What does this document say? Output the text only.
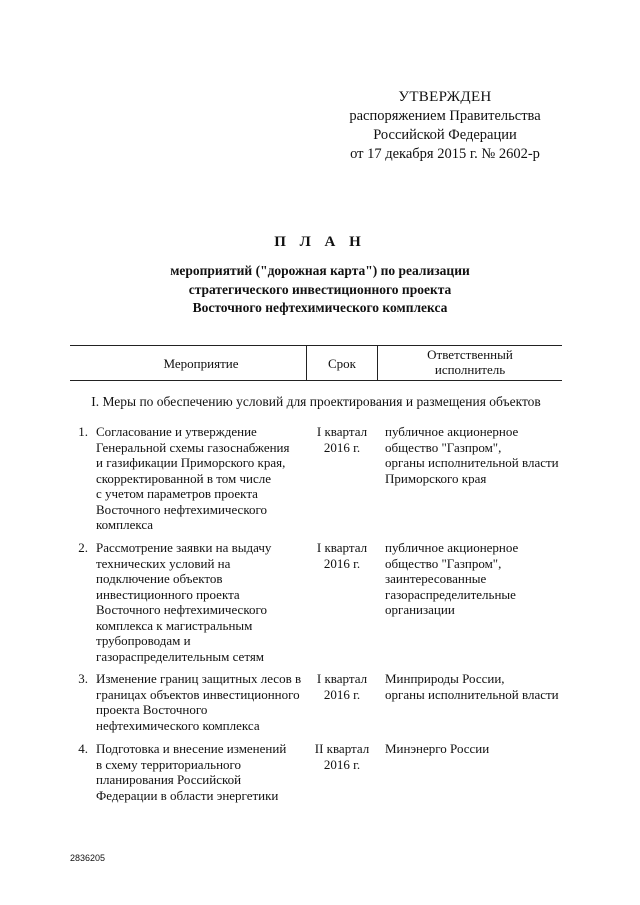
УТВЕРЖДЕН
распоряжением Правительства
Российской Федерации
от 17 декабря 2015 г. № 2602-р
П Л А Н
мероприятий ("дорожная карта") по реализации
стратегического инвестиционного проекта
Восточного нефтехимического комплекса
Мероприятие	Срок
Ответственный
исполнитель
I. Меры по обеспечению условий для проектирования и размещения объектов
1. Согласование и утверждение
Генеральной схемы газоснабжения
и газификации Приморского края,
скорректированной в том числе
с учетом параметров проекта
Восточного нефтехимического
комплекса
I квартал
2016 г.
публичное акционерное
общество "Газпром",
органы исполнительной власти
Приморского края
2. Рассмотрение заявки на выдачу
технических условий на
подключение объектов
инвестиционного проекта
Восточного нефтехимического
комплекса к магистральным
трубопроводам и
газораспределительным сетям
I квартал
2016 г.
публичное акционерное
общество "Газпром",
заинтересованные
газораспределительные
организации
3. Изменение границ защитных лесов в
границах объектов инвестиционного
проекта Восточного
нефтехимического комплекса
I квартал
2016 г.
Минприроды России,
органы исполнительной власти
4. Подготовка и внесение изменений
в схему территориального
планирования Российской
Федерации в области энергетики
II квартал
2016 г.
Минэнерго России
2836205
